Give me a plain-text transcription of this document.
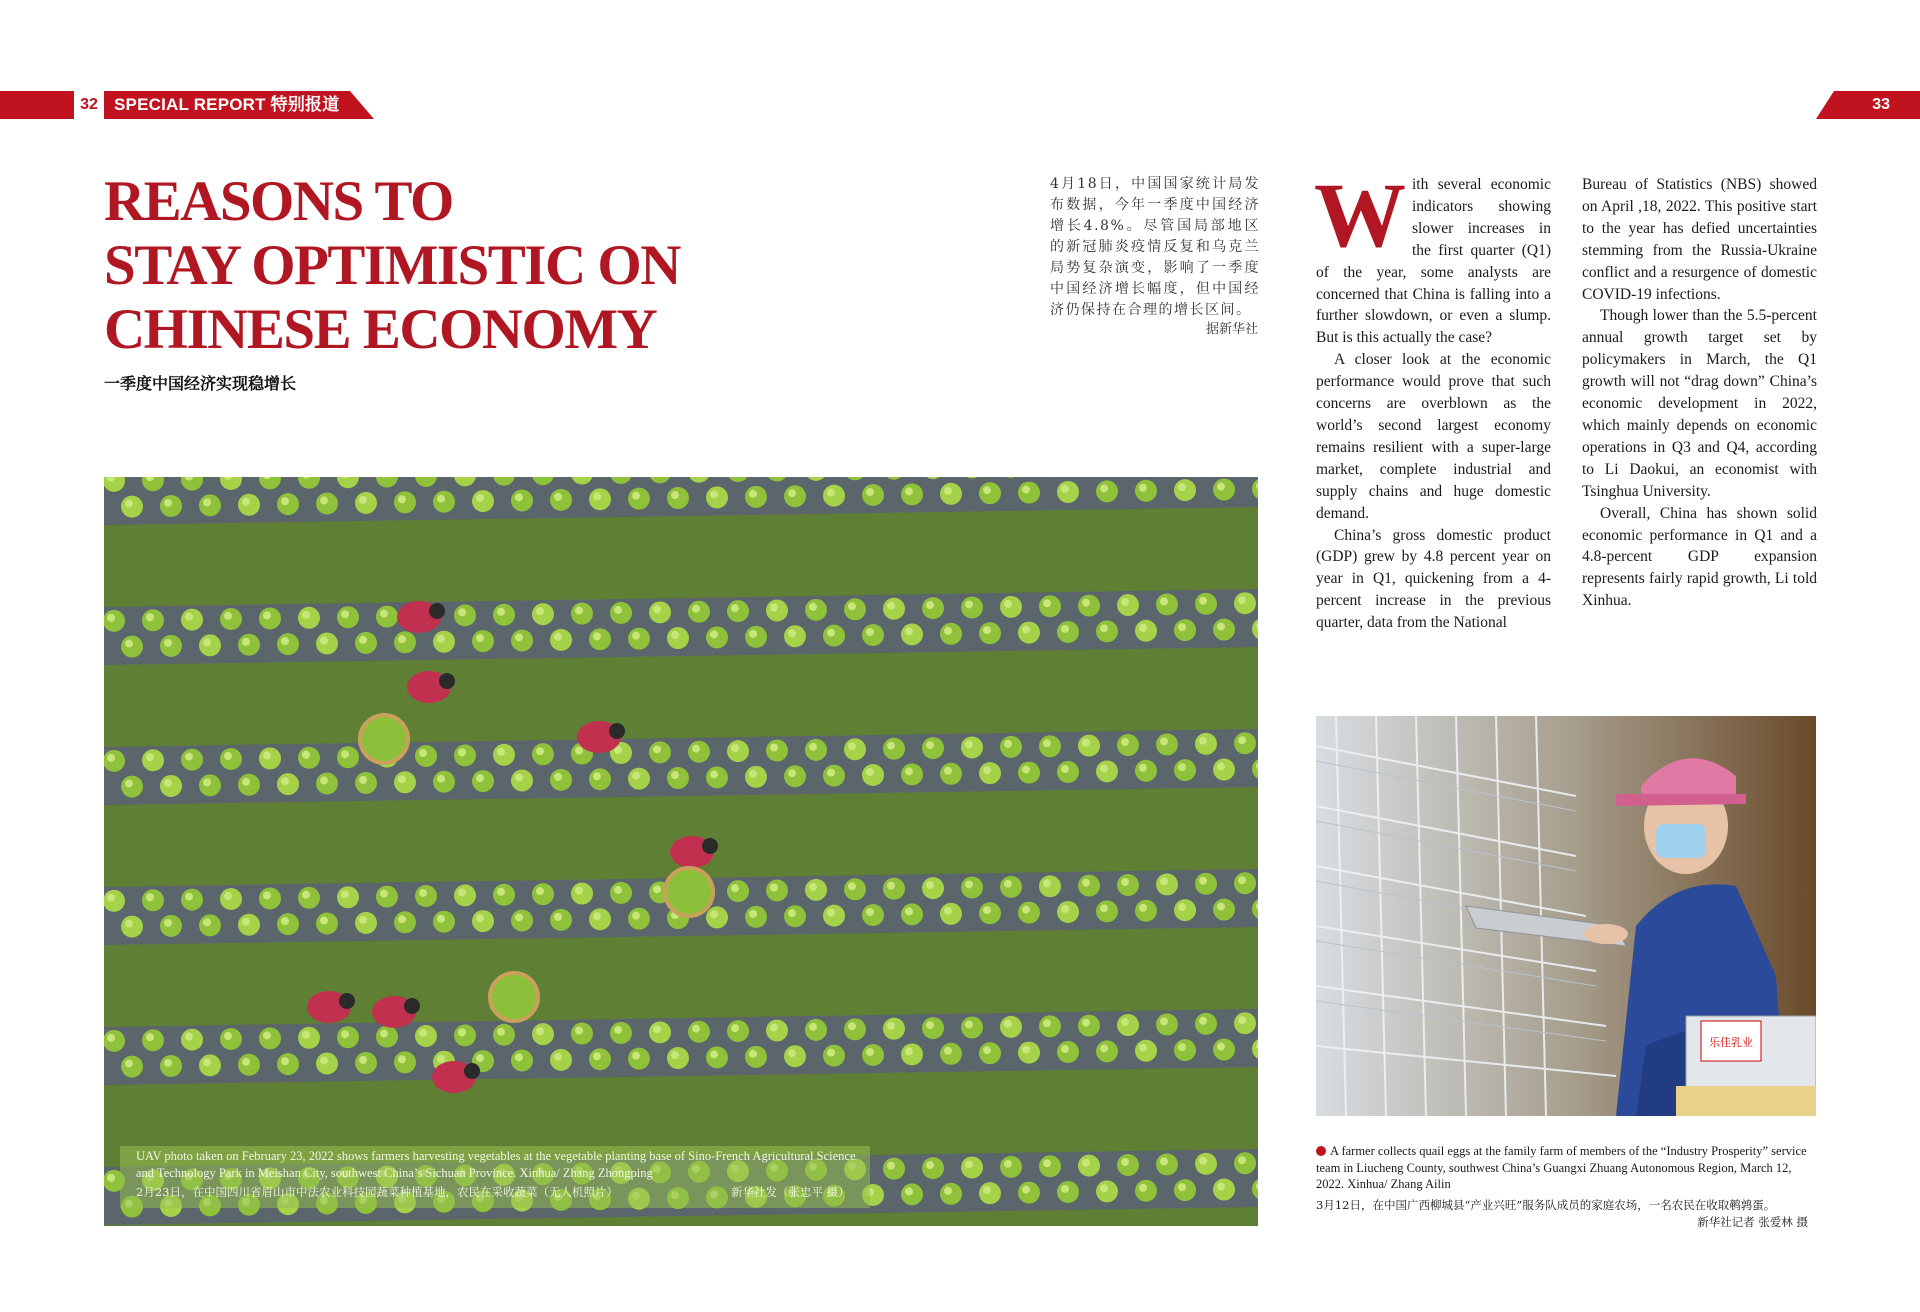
32 SPECIAL REPORT 特别报道	33
REASONS TO
STAY OPTIMISTIC ON
CHINESE ECONOMY
一季度中国经济实现稳增长
4月18日，中国国家统计局发布数据，今年一季度中国经济增长4.8%。尽管国局部地区的新冠肺炎疫情反复和乌克兰局势复杂演变，影响了一季度中国经济增长幅度，但中国经济仍保持在合理的增长区间。
据新华社

With several economic indicators showing slower increases in the first quarter (Q1) of the year, some analysts are concerned that China is falling into a further slowdown, or even a slump. But is this actually the case?

A closer look at the economic performance would prove that such concerns are overblown as the world’s second largest economy remains resilient with a super-large market, complete industrial and supply chains and huge domestic demand.

China’s gross domestic product (GDP) grew by 4.8 percent year on year in Q1, quickening from a 4-percent increase in the previous quarter, data from the National

Bureau of Statistics (NBS) showed on April ,18, 2022. This positive start to the year has defied uncertainties stemming from the Russia-Ukraine conflict and a resurgence of domestic COVID-19 infections.

Though lower than the 5.5-percent annual growth target set by policymakers in March, the Q1 growth will not “drag down” China’s economic development in 2022, which mainly depends on economic operations in Q3 and Q4, according to Li Daokui, an economist with Tsinghua University.

Overall, China has shown solid economic performance in Q1 and a 4.8-percent GDP expansion represents fairly rapid growth, Li told Xinhua.

UAV photo taken on February 23, 2022 shows farmers harvesting vegetables at the vegetable planting base of Sino-French Agricultural Science and Technology Park in Meishan City, southwest China’s Sichuan Province. Xinhua/ Zhang Zhongping
2月23日，在中国四川省眉山市中法农业科技园蔬菜种植基地，农民在采收蔬菜（无人机照片）	新华社发（张忠平 摄）
乐佳乳业
A farmer collects quail eggs at the family farm of members of the “Industry Prosperity” service team in Liucheng County, southwest China’s Guangxi Zhuang Autonomous Region, March 12, 2022. Xinhua/ Zhang Ailin
3月12日，在中国广西柳城县“产业兴旺”服务队成员的家庭农场，一名农民在收取鹌鹑蛋。
新华社记者 张爱林 摄
